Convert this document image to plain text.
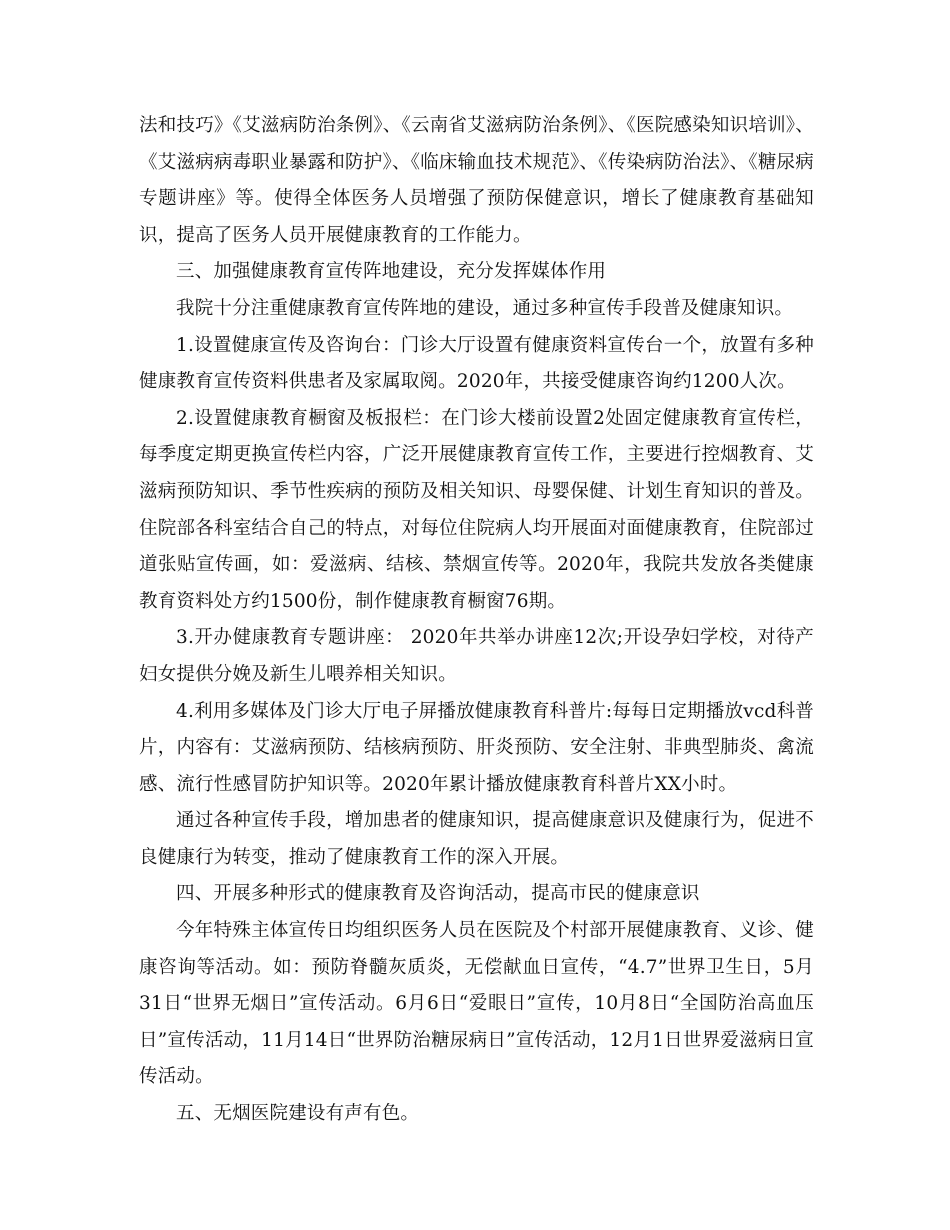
法和技巧》《艾滋病防治条例》、《云南省艾滋病防治条例》、《医院感染知识培训》、《艾滋病病毒职业暴露和防护》、《临床输血技术规范》、《传染病防治法》、《糖尿病专题讲座》等。使得全体医务人员增强了预防保健意识，增长了健康教育基础知识，提高了医务人员开展健康教育的工作能力。

三、加强健康教育宣传阵地建设，充分发挥媒体作用

我院十分注重健康教育宣传阵地的建设，通过多种宣传手段普及健康知识。

1.设置健康宣传及咨询台：门诊大厅设置有健康资料宣传台一个，放置有多种健康教育宣传资料供患者及家属取阅。2020年，共接受健康咨询约1200人次。

2.设置健康教育橱窗及板报栏：在门诊大楼前设置2处固定健康教育宣传栏，每季度定期更换宣传栏内容，广泛开展健康教育宣传工作，主要进行控烟教育、艾滋病预防知识、季节性疾病的预防及相关知识、母婴保健、计划生育知识的普及。住院部各科室结合自己的特点，对每位住院病人均开展面对面健康教育，住院部过道张贴宣传画，如：爱滋病、结核、禁烟宣传等。2020年，我院共发放各类健康教育资料处方约1500份，制作健康教育橱窗76期。

3.开办健康教育专题讲座： 2020年共举办讲座12次;开设孕妇学校，对待产妇女提供分娩及新生儿喂养相关知识。

4.利用多媒体及门诊大厅电子屏播放健康教育科普片:每每日定期播放vcd科普片，内容有：艾滋病预防、结核病预防、肝炎预防、安全注射、非典型肺炎、禽流感、流行性感冒防护知识等。2020年累计播放健康教育科普片XX小时。

通过各种宣传手段，增加患者的健康知识，提高健康意识及健康行为，促进不良健康行为转变，推动了健康教育工作的深入开展。

四、开展多种形式的健康教育及咨询活动，提高市民的健康意识

今年特殊主体宣传日均组织医务人员在医院及个村部开展健康教育、义诊、健康咨询等活动。如：预防脊髓灰质炎，无偿献血日宣传，“4.7”世界卫生日，5月31日“世界无烟日”宣传活动。6月6日“爱眼日”宣传，10月8日“全国防治高血压日”宣传活动，11月14日“世界防治糖尿病日”宣传活动，12月1日世界爱滋病日宣传活动。

五、无烟医院建设有声有色。
